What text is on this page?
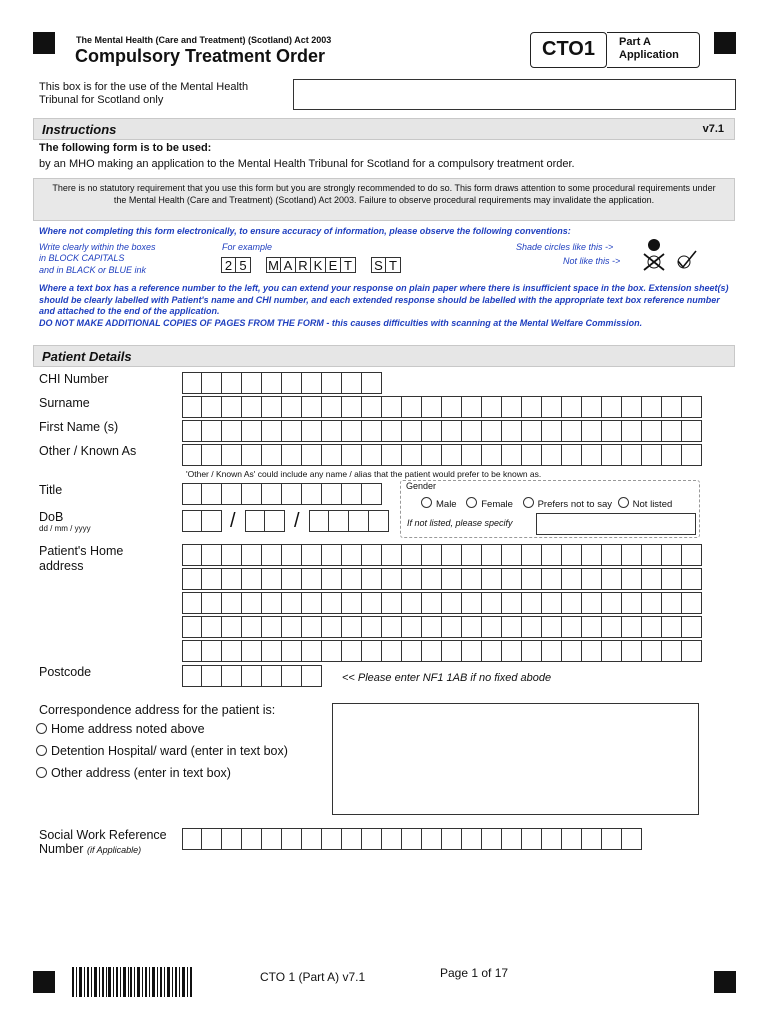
The Mental Health (Care and Treatment) (Scotland) Act 2003
Compulsory Treatment Order	CTO1	Part A
Application
This box is for the use of the Mental Health Tribunal for Scotland only
Instructions	v7.1
The following form is to be used:
by an MHO making an application to the Mental Health Tribunal for Scotland for a compulsory treatment order.
There is no statutory requirement that you use this form but you are strongly recommended to do so. This form draws attention to some procedural requirements under the Mental Health (Care and Treatment) (Scotland) Act 2003. Failure to observe procedural requirements may invalidate the application.
Where not completing this form electronically, to ensure accuracy of information, please observe the following conventions:
Write clearly within the boxes
in BLOCK CAPITALS
and in BLACK or BLUE ink
For example
2 5	M A R K E T	S T
Shade circles like this ->
Not like this ->
Where a text box has a reference number to the left, you can extend your response on plain paper where there is insufficient space in the box. Extension sheet(s) should be clearly labelled with Patient's name and CHI number, and each extended response should be labelled with the appropriate text box reference number and attached to the end of the application.
DO NOT MAKE ADDITIONAL COPIES OF PAGES FROM THE FORM - this causes difficulties with scanning at the Mental Welfare Commission.
Patient Details
CHI Number
Surname
First Name (s)
Other / Known As
'Other / Known As' could include any name / alias that the patient would prefer to be known as.
Title	Gender
Male	Female	Prefers not to say Not listed
If not listed, please specify
DoB
dd / mm / yyyy	/	/
Patient's Home
address
Postcode	<< Please enter NF1 1AB if no fixed abode
Correspondence address for the patient is:
Home address noted above
Detention Hospital/ ward (enter in text box)
Other address (enter in text box)
Social Work Reference
Number (if Applicable)
CTO 1 (Part A) v7.1	Page 1 of 17
